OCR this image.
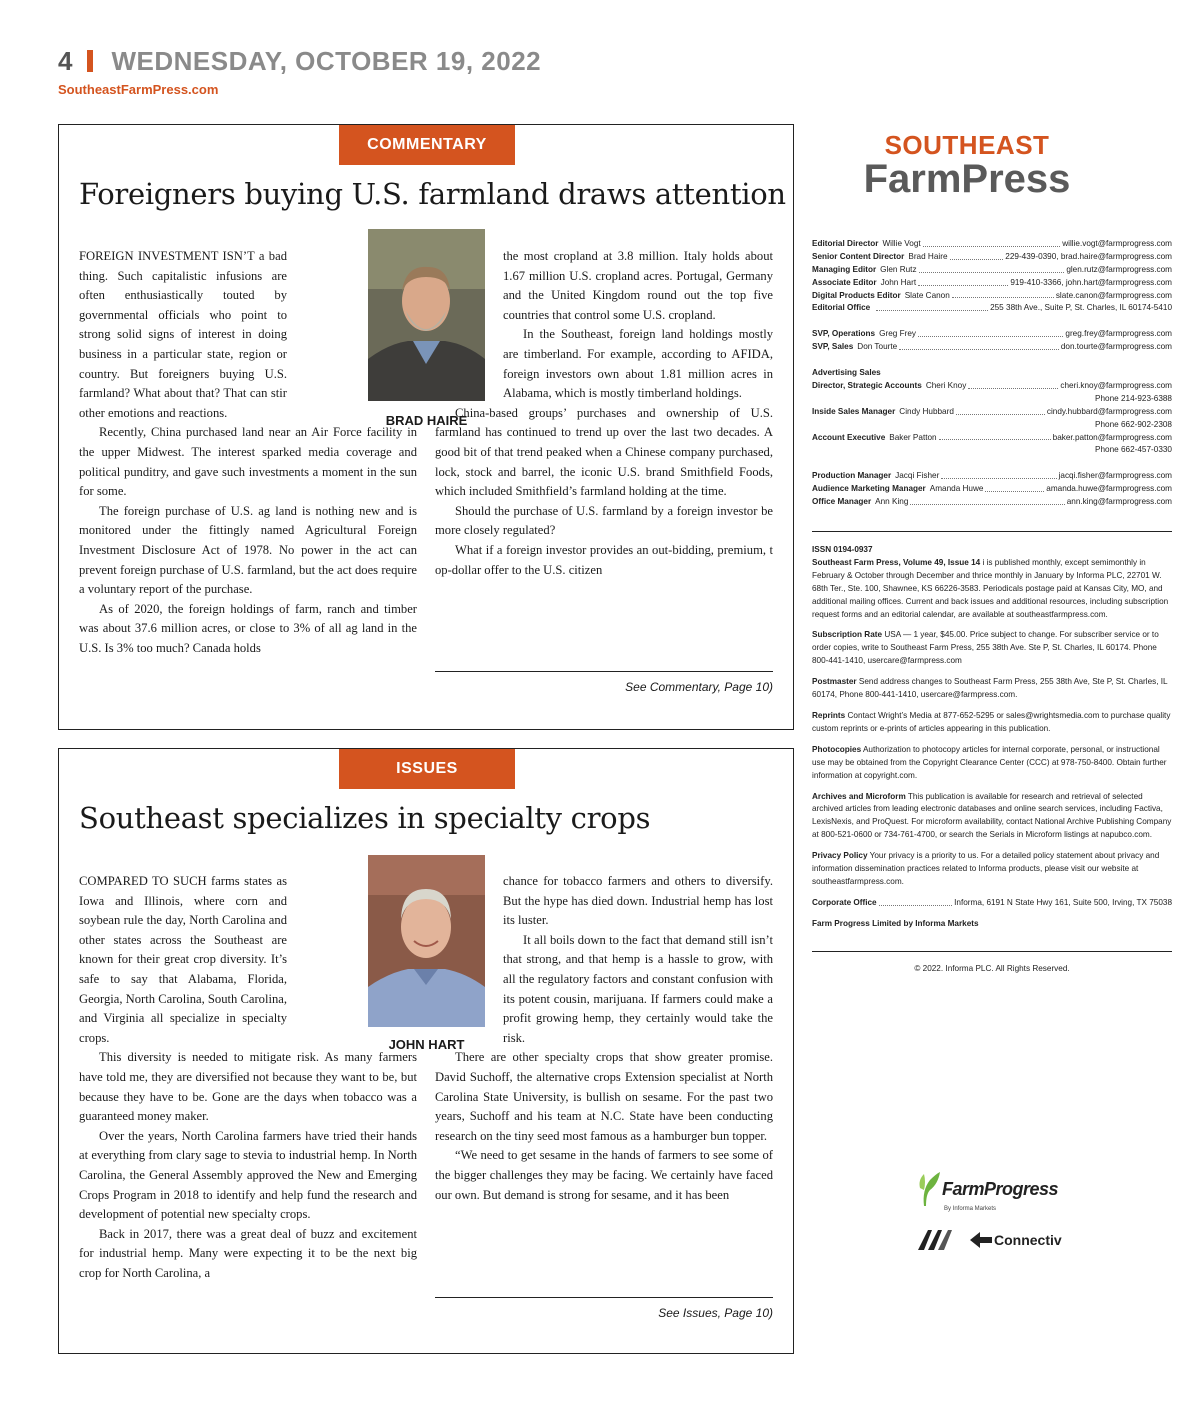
4 WEDNESDAY, OCTOBER 19, 2022
SoutheastFarmPress.com
COMMENTARY
Foreigners buying U.S. farmland draws attention

FOREIGN INVESTMENT ISN’T a bad thing. Such capitalistic infusions are often enthusiastically touted by governmental officials who point to strong solid signs of interest in doing business in a particular state, region or country. But foreigners buying U.S. farmland? What about that? That can stir other emotions and reactions.

Recently, China purchased land near an Air Force facility in the upper Midwest. The interest sparked media coverage and political punditry, and gave such investments a moment in the sun for some.

The foreign purchase of U.S. ag land is nothing new and is monitored under the fittingly named Agricultural Foreign Investment Disclosure Act of 1978. No power in the act can prevent foreign purchase of U.S. farmland, but the act does require a voluntary report of the purchase.

As of 2020, the foreign holdings of farm, ranch and timber was about 37.6 million acres, or close to 3% of all ag land in the U.S. Is 3% too much? Canada holds

BRAD HAIRE

the most cropland at 3.8 million. Italy holds about 1.67 million U.S. cropland acres. Portugal, Germany and the United Kingdom round out the top five countries that control some U.S. cropland.

In the Southeast, foreign land holdings mostly are timberland. For example, according to AFIDA, foreign investors own about 1.81 million acres in Alabama, which is mostly timberland holdings.

China-based groups’ purchases and ownership of U.S. farmland has continued to trend up over the last two decades. A good bit of that trend peaked when a Chinese company purchased, lock, stock and barrel, the iconic U.S. brand Smithfield Foods, which included Smithfield’s farmland holding at the time.

Should the purchase of U.S. farmland by a foreign investor be more closely regulated?

What if a foreign investor provides an out-bidding, premium, t op-dollar offer to the U.S. citizen

See Commentary, Page 10)
ISSUES
Southeast specializes in specialty crops

COMPARED TO SUCH farms states as Iowa and Illinois, where corn and soybean rule the day, North Carolina and other states across the Southeast are known for their great crop diversity. It’s safe to say that Alabama, Florida, Georgia, North Carolina, South Carolina, and Virginia all specialize in specialty crops.

This diversity is needed to mitigate risk. As many farmers have told me, they are diversified not because they want to be, but because they have to be. Gone are the days when tobacco was a guaranteed money maker.

Over the years, North Carolina farmers have tried their hands at everything from clary sage to stevia to industrial hemp. In North Carolina, the General Assembly approved the New and Emerging Crops Program in 2018 to identify and help fund the research and development of potential new specialty crops.

Back in 2017, there was a great deal of buzz and excitement for industrial hemp. Many were expecting it to be the next big crop for North Carolina, a

JOHN HART

chance for tobacco farmers and others to diversify. But the hype has died down. Industrial hemp has lost its luster.

It all boils down to the fact that demand still isn’t that strong, and that hemp is a hassle to grow, with all the regulatory factors and constant confusion with its potent cousin, marijuana. If farmers could make a profit growing hemp, they certainly would take the risk.

There are other specialty crops that show greater promise. David Suchoff, the alternative crops Extension specialist at North Carolina State University, is bullish on sesame. For the past two years, Suchoff and his team at N.C. State have been conducting research on the tiny seed most famous as a hamburger bun topper.

“We need to get sesame in the hands of farmers to see some of the bigger challenges they may be facing. We certainly have faced our own. But demand is strong for sesame, and it has been

See Issues, Page 10)
SOUTHEAST
FarmPress
Editorial Director Willie Vogt	willie.vogt@farmprogress.com
Senior Content Director Brad Haire	229-439-0390, brad.haire@farmprogress.com
Managing Editor Glen Rutz	glen.rutz@farmprogress.com
Associate Editor John Hart	919-410-3366, john.hart@farmprogress.com
Digital Products Editor Slate Canon	slate.canon@farmprogress.com
Editorial Office	255 38th Ave., Suite P, St. Charles, IL 60174-5410
SVP, Operations Greg Frey	greg.frey@farmprogress.com
SVP, Sales Don Tourte	don.tourte@farmprogress.com
Advertising Sales
Director, Strategic Accounts Cheri Knoy	cheri.knoy@farmprogress.com
Phone 214-923-6388
Inside Sales Manager Cindy Hubbard	cindy.hubbard@farmprogress.com
Phone 662-902-2308
Account Executive Baker Patton	baker.patton@farmprogress.com
Phone 662-457-0330
Production Manager Jacqi Fisher	jacqi.fisher@farmprogress.com
Audience Marketing Manager Amanda Huwe	amanda.huwe@farmprogress.com
Office Manager Ann King	ann.king@farmprogress.com
ISSN 0194-0937
Southeast Farm Press, Volume 49, Issue 14 i is published monthly, except semimonthly in February & October through December and thrice monthly in January by Informa PLC, 22701 W. 68th Ter., Ste. 100, Shawnee, KS 66226-3583. Periodicals postage paid at Kansas City, MO, and additional mailing offices. Current and back issues and additional resources, including subscription request forms and an editorial calendar, are available at southeastfarmpress.com.
Subscription Rate USA — 1 year, $45.00. Price subject to change. For subscriber service or to order copies, write to Southeast Farm Press, 255 38th Ave. Ste P, St. Charles, IL 60174. Phone 800-441-1410, usercare@farmpress.com
Postmaster Send address changes to Southeast Farm Press, 255 38th Ave, Ste P, St. Charles, IL 60174, Phone 800-441-1410, usercare@farmpress.com.
Reprints Contact Wright’s Media at 877-652-5295 or sales@wrightsmedia.com to purchase quality custom reprints or e-prints of articles appearing in this publication.
Photocopies Authorization to photocopy articles for internal corporate, personal, or instructional use may be obtained from the Copyright Clearance Center (CCC) at 978-750-8400. Obtain further information at copyright.com.
Archives and Microform This publication is available for research and retrieval of selected archived articles from leading electronic databases and online search services, including Factiva, LexisNexis, and ProQuest. For microform availability, contact National Archive Publishing Company at 800-521-0600 or 734-761-4700, or search the Serials in Microform listings at napubco.com.
Privacy Policy Your privacy is a priority to us. For a detailed policy statement about privacy and information dissemination practices related to Informa products, please visit our website at southeastfarmpress.com.
Corporate Office	Informa, 6191 N State Hwy 161, Suite 500, Irving, TX 75038
Farm Progress Limited by Informa Markets
© 2022. Informa PLC. All Rights Reserved.
FarmProgress
By Informa Markets
Connectiv
